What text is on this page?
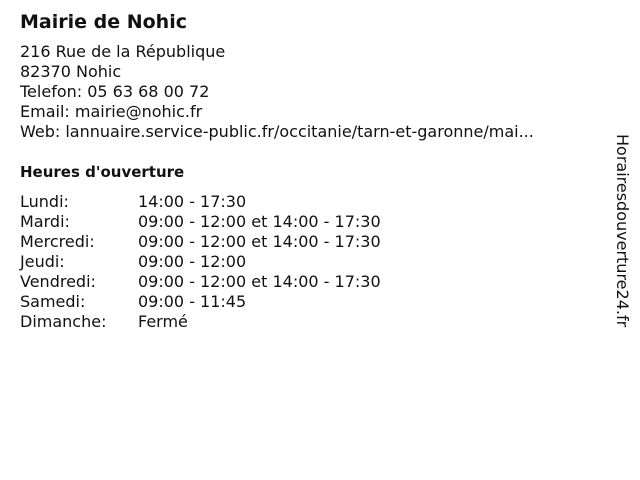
Mairie de Nohic
216 Rue de la République
82370 Nohic
Telefon: 05 63 68 00 72
Email: mairie@nohic.fr
Web: lannuaire.service-public.fr/occitanie/tarn-et-garonne/mai...
Heures d'ouverture
Lundi:	14:00 - 17:30
Mardi:	09:00 - 12:00 et 14:00 - 17:30
Mercredi:	09:00 - 12:00 et 14:00 - 17:30
Jeudi:	09:00 - 12:00
Vendredi:	09:00 - 12:00 et 14:00 - 17:30
Samedi:	09:00 - 11:45
Dimanche:	Fermé	Horairesdouverture24.fr
